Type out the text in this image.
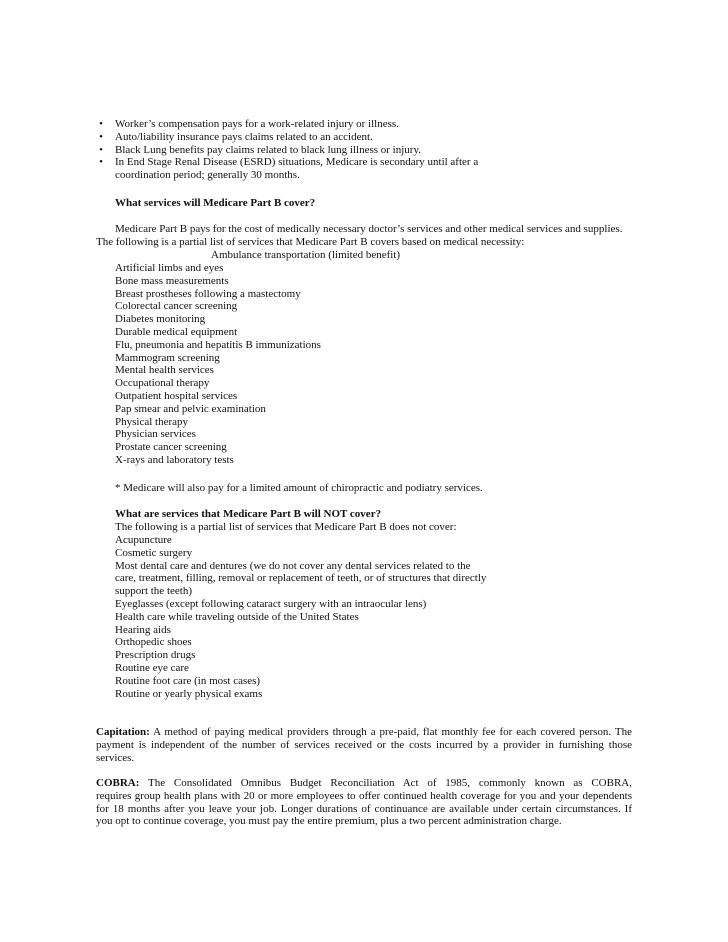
• Worker’s compensation pays for a work-related injury or illness.
• Auto/liability insurance pays claims related to an accident.
• Black Lung benefits pay claims related to black lung illness or injury.
• In End Stage Renal Disease (ESRD) situations, Medicare is secondary until after a
coordination period; generally 30 months.
What services will Medicare Part B cover?
Medicare Part B pays for the cost of medically necessary doctor’s services and other medical services and supplies.
The following is a partial list of services that Medicare Part B covers based on medical necessity:
Ambulance transportation (limited benefit)
Artificial limbs and eyes
Bone mass measurements
Breast prostheses following a mastectomy
Colorectal cancer screening
Diabetes monitoring
Durable medical equipment
Flu, pneumonia and hepatitis B immunizations
Mammogram screening
Mental health services
Occupational therapy
Outpatient hospital services
Pap smear and pelvic examination
Physical therapy
Physician services
Prostate cancer screening
X-rays and laboratory tests
* Medicare will also pay for a limited amount of chiropractic and podiatry services.
What are services that Medicare Part B will NOT cover?
The following is a partial list of services that Medicare Part B does not cover:
Acupuncture
Cosmetic surgery
Most dental care and dentures (we do not cover any dental services related to the
care, treatment, filling, removal or replacement of teeth, or of structures that directly
support the teeth)
Eyeglasses (except following cataract surgery with an intraocular lens)
Health care while traveling outside of the United States
Hearing aids
Orthopedic shoes
Prescription drugs
Routine eye care
Routine foot care (in most cases)
Routine or yearly physical exams
Capitation: A method of paying medical providers through a pre-paid, flat monthly fee for each covered person. The
payment is independent of the number of services received or the costs incurred by a provider in furnishing those
services.
COBRA: The Consolidated Omnibus Budget Reconciliation Act of 1985, commonly known as COBRA,
requires group health plans with 20 or more employees to offer continued health coverage for you and your dependents
for 18 months after you leave your job. Longer durations of continuance are available under certain circumstances. If
you opt to continue coverage, you must pay the entire premium, plus a two percent administration charge.
